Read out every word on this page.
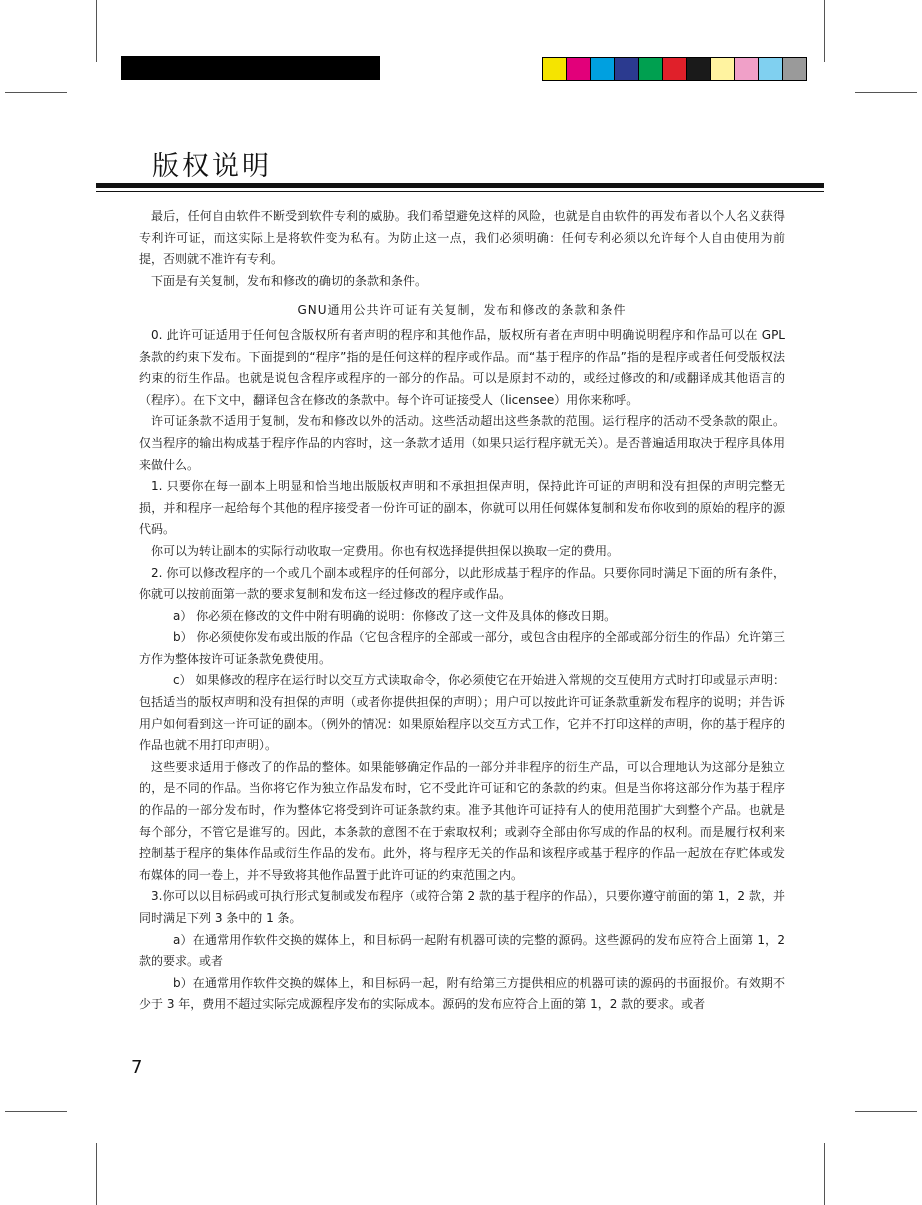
版权说明

最后，任何自由软件不断受到软件专利的威胁。我们希望避免这样的风险，也就是自由软件的再发布者以个人名义获得专利许可证，而这实际上是将软件变为私有。为防止这一点，我们必须明确：任何专利必须以允许每个人自由使用为前提，否则就不准许有专利。

下面是有关复制，发布和修改的确切的条款和条件。

GNU通用公共许可证有关复制，发布和修改的条款和条件

0. 此许可证适用于任何包含版权所有者声明的程序和其他作品，版权所有者在声明中明确说明程序和作品可以在 GPL 条款的约束下发布。下面提到的“程序”指的是任何这样的程序或作品。而“基于程序的作品”指的是程序或者任何受版权法约束的衍生作品。也就是说包含程序或程序的一部分的作品。可以是原封不动的，或经过修改的和/或翻译成其他语言的（程序）。在下文中，翻译包含在修改的条款中。每个许可证接受人（licensee）用你来称呼。

许可证条款不适用于复制，发布和修改以外的活动。这些活动超出这些条款的范围。运行程序的活动不受条款的限止。仅当程序的输出构成基于程序作品的内容时，这一条款才适用（如果只运行程序就无关）。是否普遍适用取决于程序具体用来做什么。

1. 只要你在每一副本上明显和恰当地出版版权声明和不承担担保声明，保持此许可证的声明和没有担保的声明完整无损，并和程序一起给每个其他的程序接受者一份许可证的副本，你就可以用任何媒体复制和发布你收到的原始的程序的源代码。

你可以为转让副本的实际行动收取一定费用。你也有权选择提供担保以换取一定的费用。

2. 你可以修改程序的一个或几个副本或程序的任何部分，以此形成基于程序的作品。只要你同时满足下面的所有条件，你就可以按前面第一款的要求复制和发布这一经过修改的程序或作品。

a） 你必须在修改的文件中附有明确的说明：你修改了这一文件及具体的修改日期。

b） 你必须使你发布或出版的作品（它包含程序的全部或一部分，或包含由程序的全部或部分衍生的作品）允许第三方作为整体按许可证条款免费使用。

c） 如果修改的程序在运行时以交互方式读取命令，你必须使它在开始进入常规的交互使用方式时打印或显示声明：包括适当的版权声明和没有担保的声明（或者你提供担保的声明）；用户可以按此许可证条款重新发布程序的说明；并告诉用户如何看到这一许可证的副本。（例外的情况：如果原始程序以交互方式工作，它并不打印这样的声明，你的基于程序的作品也就不用打印声明）。

这些要求适用于修改了的作品的整体。如果能够确定作品的一部分并非程序的衍生产品，可以合理地认为这部分是独立的，是不同的作品。当你将它作为独立作品发布时，它不受此许可证和它的条款的约束。但是当你将这部分作为基于程序的作品的一部分发布时，作为整体它将受到许可证条款约束。准予其他许可证持有人的使用范围扩大到整个产品。也就是每个部分，不管它是谁写的。因此，本条款的意图不在于索取权利；或剥夺全部由你写成的作品的权利。而是履行权利来控制基于程序的集体作品或衍生作品的发布。此外，将与程序无关的作品和该程序或基于程序的作品一起放在存贮体或发布媒体的同一卷上，并不导致将其他作品置于此许可证的约束范围之内。

3.你可以以目标码或可执行形式复制或发布程序（或符合第 2 款的基于程序的作品），只要你遵守前面的第 1，2 款，并同时满足下列 3 条中的 1 条。

a）在通常用作软件交换的媒体上，和目标码一起附有机器可读的完整的源码。这些源码的发布应符合上面第 1，2 款的要求。或者

b）在通常用作软件交换的媒体上，和目标码一起，附有给第三方提供相应的机器可读的源码的书面报价。有效期不少于 3 年，费用不超过实际完成源程序发布的实际成本。源码的发布应符合上面的第 1，2 款的要求。或者

7
